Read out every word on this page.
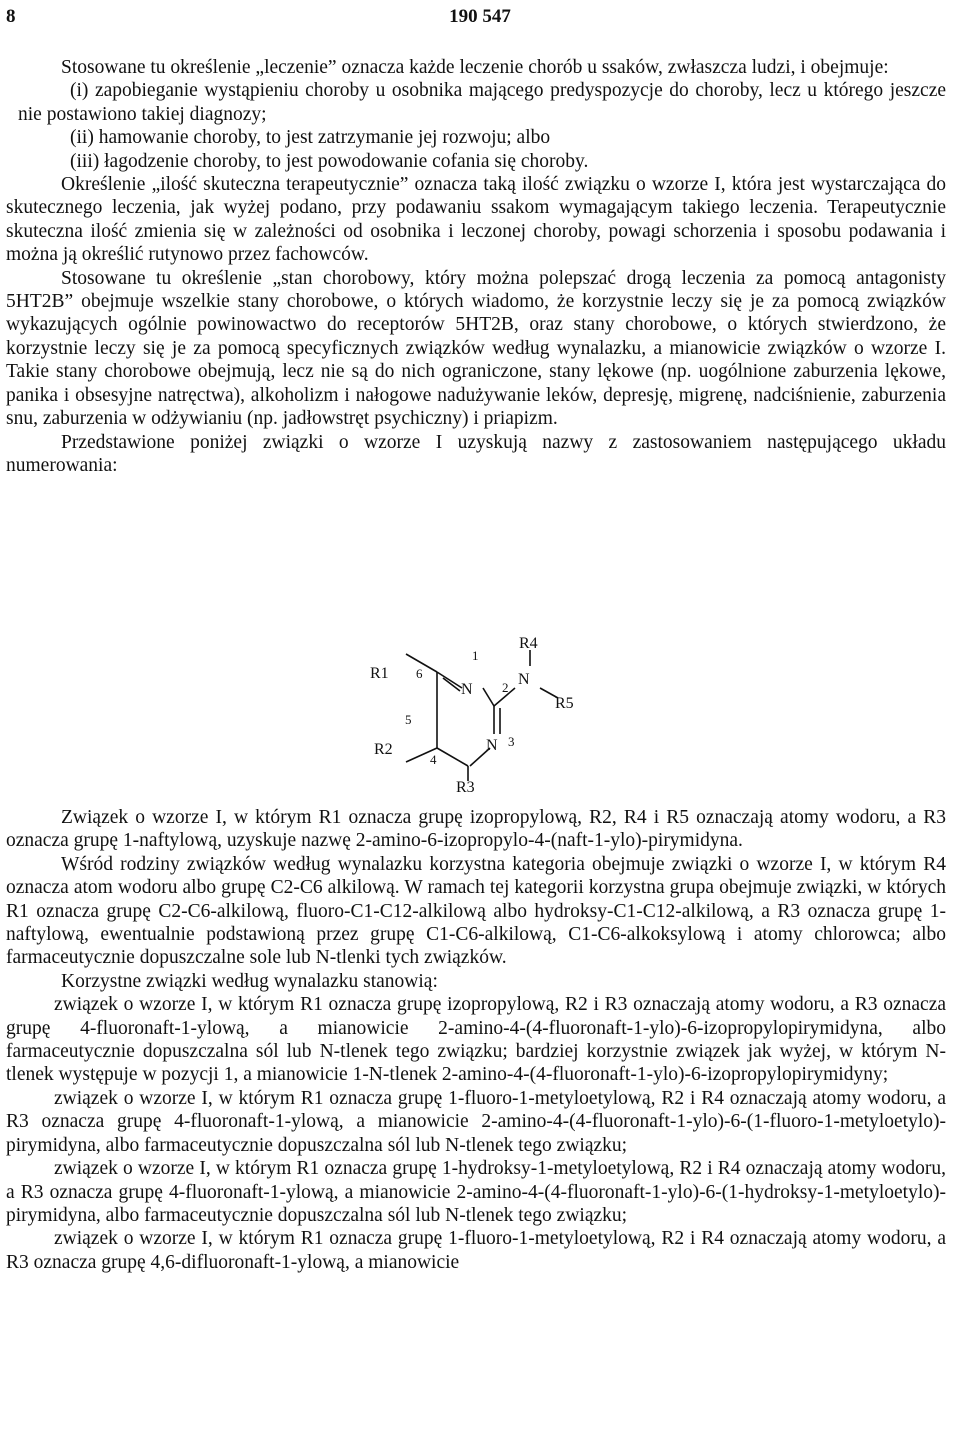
8	190 547

Stosowane tu określenie „leczenie” oznacza każde leczenie chorób u ssaków, zwłaszcza ludzi, i obejmuje:

(i) zapobieganie wystąpieniu choroby u osobnika mającego predyspozycje do choroby, lecz u którego jeszcze nie postawiono takiej diagnozy;

(ii) hamowanie choroby, to jest zatrzymanie jej rozwoju; albo

(iii) łagodzenie choroby, to jest powodowanie cofania się choroby.

Określenie „ilość skuteczna terapeutycznie” oznacza taką ilość związku o wzorze I, która jest wystarczająca do skutecznego leczenia, jak wyżej podano, przy podawaniu ssakom wymagającym takiego leczenia. Terapeutycznie skuteczna ilość zmienia się w zależności od osobnika i leczonej choroby, powagi schorzenia i sposobu podawania i można ją określić rutynowo przez fachowców.

Stosowane tu określenie „stan chorobowy, który można polepszać drogą leczenia za pomocą antagonisty 5HT2B” obejmuje wszelkie stany chorobowe, o których wiadomo, że korzystnie leczy się je za pomocą związków wykazujących ogólnie powinowactwo do receptorów 5HT2B, oraz stany chorobowe, o których stwierdzono, że korzystnie leczy się je za pomocą specyficznych związków według wynalazku, a mianowicie związków o wzorze I. Takie stany chorobowe obejmują, lecz nie są do nich ograniczone, stany lękowe (np. uogólnione zaburzenia lękowe, panika i obsesyjne natręctwa), alkoholizm i nałogowe nadużywanie leków, depresję, migrenę, nadciśnienie, zaburzenia snu, zaburzenia w odżywianiu (np. jadłowstręt psychiczny) i priapizm.

Przedstawione poniżej związki o wzorze I uzyskują nazwy z zastosowaniem następującego układu numerowania:

R1 6
N
1
2 N
R4
R5
N 3
5
4
R2
R3

Związek o wzorze I, w którym R1 oznacza grupę izopropylową, R2, R4 i R5 oznaczają atomy wodoru, a R3 oznacza grupę 1-naftylową, uzyskuje nazwę 2-amino-6-izopropylo-4-(naft-1-ylo)-pirymidyna.

Wśród rodziny związków według wynalazku korzystna kategoria obejmuje związki o wzorze I, w którym R4 oznacza atom wodoru albo grupę C2-C6 alkilową. W ramach tej kategorii korzystna grupa obejmuje związki, w których R1 oznacza grupę C2-C6-alkilową, fluoro-C1-C12-alkilową albo hydroksy-C1-C12-alkilową, a R3 oznacza grupę 1-naftylową, ewentualnie podstawioną przez grupę C1-C6-alkilową, C1-C6-alkoksylową i atomy chlorowca; albo farmaceutycznie dopuszczalne sole lub N-tlenki tych związków.

Korzystne związki według wynalazku stanowią:

związek o wzorze I, w którym R1 oznacza grupę izopropylową, R2 i R3 oznaczają atomy wodoru, a R3 oznacza grupę 4-fluoronaft-1-ylową, a mianowicie 2-amino-4-(4-fluoronaft-1-ylo)-6-izopropylopirymidyna, albo farmaceutycznie dopuszczalna sól lub N-tlenek tego związku; bardziej korzystnie związek jak wyżej, w którym N-tlenek występuje w pozycji 1, a mianowicie 1-N-tlenek 2-amino-4-(4-fluoronaft-1-ylo)-6-izopropylopirymidyny;

związek o wzorze I, w którym R1 oznacza grupę 1-fluoro-1-metyloetylową, R2 i R4 oznaczają atomy wodoru, a R3 oznacza grupę 4-fluoronaft-1-ylową, a mianowicie 2-amino-4-(4-fluoronaft-1-ylo)-6-(1-fluoro-1-metyloetylo)-pirymidyna, albo farmaceutycznie dopuszczalna sól lub N-tlenek tego związku;

związek o wzorze I, w którym R1 oznacza grupę 1-hydroksy-1-metyloetylową, R2 i R4 oznaczają atomy wodoru, a R3 oznacza grupę 4-fluoronaft-1-ylową, a mianowicie 2-amino-4-(4-fluoronaft-1-ylo)-6-(1-hydroksy-1-metyloetylo)-pirymidyna, albo farmaceutycznie dopuszczalna sól lub N-tlenek tego związku;

związek o wzorze I, w którym R1 oznacza grupę 1-fluoro-1-metyloetylową, R2 i R4 oznaczają atomy wodoru, a R3 oznacza grupę 4,6-difluoronaft-1-ylową, a mianowicie
